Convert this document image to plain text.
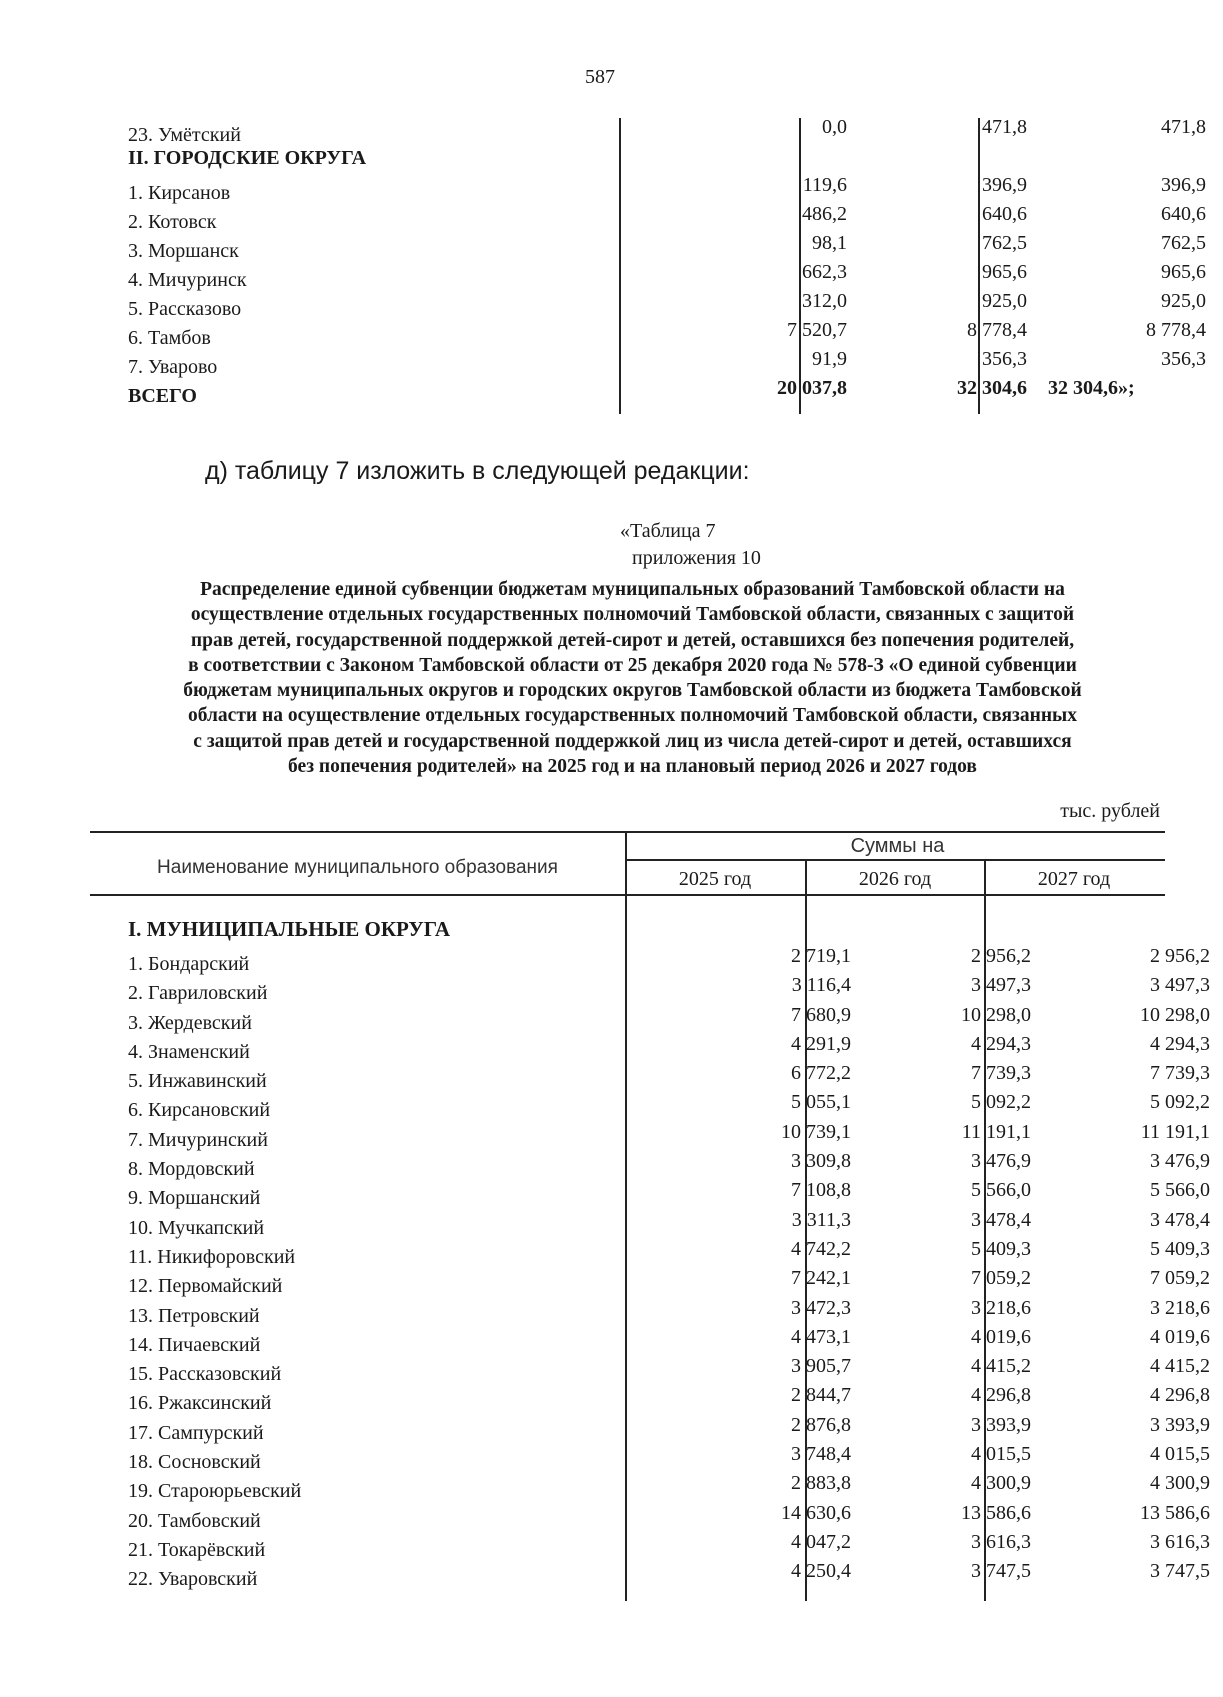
587
23. Умётский	0,0	471,8	471,8
II. ГОРОДСКИЕ ОКРУГА
1. Кирсанов	119,6	396,9	396,9
2. Котовск	486,2	640,6	640,6
3. Моршанск	98,1	762,5	762,5
4. Мичуринск	662,3	965,6	965,6
5. Рассказово	312,0	925,0	925,0
6. Тамбов	7 520,7	8 778,4	8 778,4
7. Уварово	91,9	356,3	356,3
ВСЕГО	20 037,8	32 304,6 32 304,6»;
д) таблицу 7 изложить в следующей редакции:
«Таблица 7
приложения 10
Распределение единой субвенции бюджетам муниципальных образований Тамбовской области на
осуществление отдельных государственных полномочий Тамбовской области, связанных с защитой
прав детей, государственной поддержкой детей-сирот и детей, оставшихся без попечения родителей,
в соответствии с Законом Тамбовской области от 25 декабря 2020 года № 578-З «О единой субвенции
бюджетам муниципальных округов и городских округов Тамбовской области из бюджета Тамбовской
области на осуществление отдельных государственных полномочий Тамбовской области, связанных
с защитой прав детей и государственной поддержкой лиц из числа детей-сирот и детей, оставшихся
без попечения родителей» на 2025 год и на плановый период 2026 и 2027 годов
тыс. рублей
Наименование муниципального образования
Суммы на
2025 год	2026 год	2027 год
I. МУНИЦИПАЛЬНЫЕ ОКРУГА
1. Бондарский	2 719,1	2 956,2	2 956,2
2. Гавриловский	3 116,4	3 497,3	3 497,3
3. Жердевский	7 680,9	10 298,0	10 298,0
4. Знаменский	4 291,9	4 294,3	4 294,3
5. Инжавинский	6 772,2	7 739,3	7 739,3
6. Кирсановский	5 055,1	5 092,2	5 092,2
7. Мичуринский	10 739,1	11 191,1	11 191,1
8. Мордовский	3 309,8	3 476,9	3 476,9
9. Моршанский	7 108,8	5 566,0	5 566,0
10. Мучкапский	3 311,3	3 478,4	3 478,4
11. Никифоровский	4 742,2	5 409,3	5 409,3
12. Первомайский	7 242,1	7 059,2	7 059,2
13. Петровский	3 472,3	3 218,6	3 218,6
14. Пичаевский	4 473,1	4 019,6	4 019,6
15. Рассказовский	3 905,7	4 415,2	4 415,2
16. Ржаксинский	2 844,7	4 296,8	4 296,8
17. Сампурский	2 876,8	3 393,9	3 393,9
18. Сосновский	3 748,4	4 015,5	4 015,5
19. Староюрьевский	2 883,8	4 300,9	4 300,9
20. Тамбовский	14 630,6	13 586,6	13 586,6
21. Токарёвский	4 047,2	3 616,3	3 616,3
22. Уваровский	4 250,4	3 747,5	3 747,5
